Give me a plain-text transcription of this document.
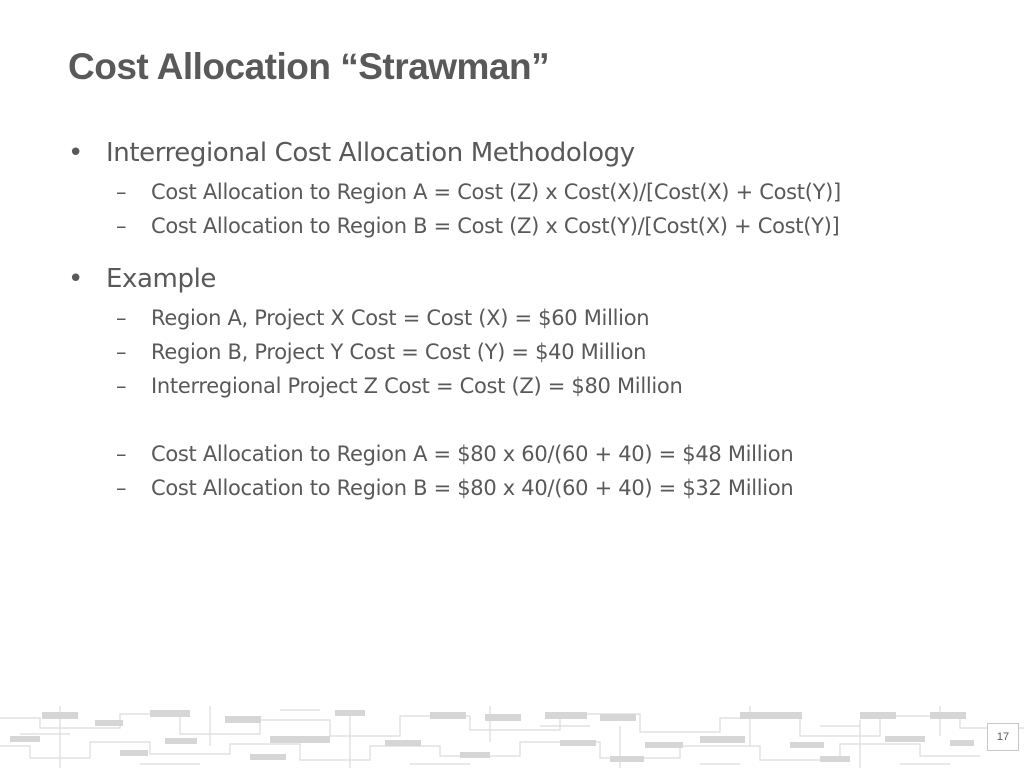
Cost Allocation “Strawman”
• Interregional Cost Allocation Methodology
– Cost Allocation to Region A = Cost (Z) x Cost(X)/[Cost(X) + Cost(Y)]
– Cost Allocation to Region B = Cost (Z) x Cost(Y)/[Cost(X) + Cost(Y)]
• Example
– Region A, Project X Cost = Cost (X) = $60 Million
– Region B, Project Y Cost = Cost (Y) = $40 Million
– Interregional Project Z Cost = Cost (Z) = $80 Million
– Cost Allocation to Region A = $80 x 60/(60 + 40) = $48 Million
– Cost Allocation to Region B = $80 x 40/(60 + 40) = $32 Million
17
